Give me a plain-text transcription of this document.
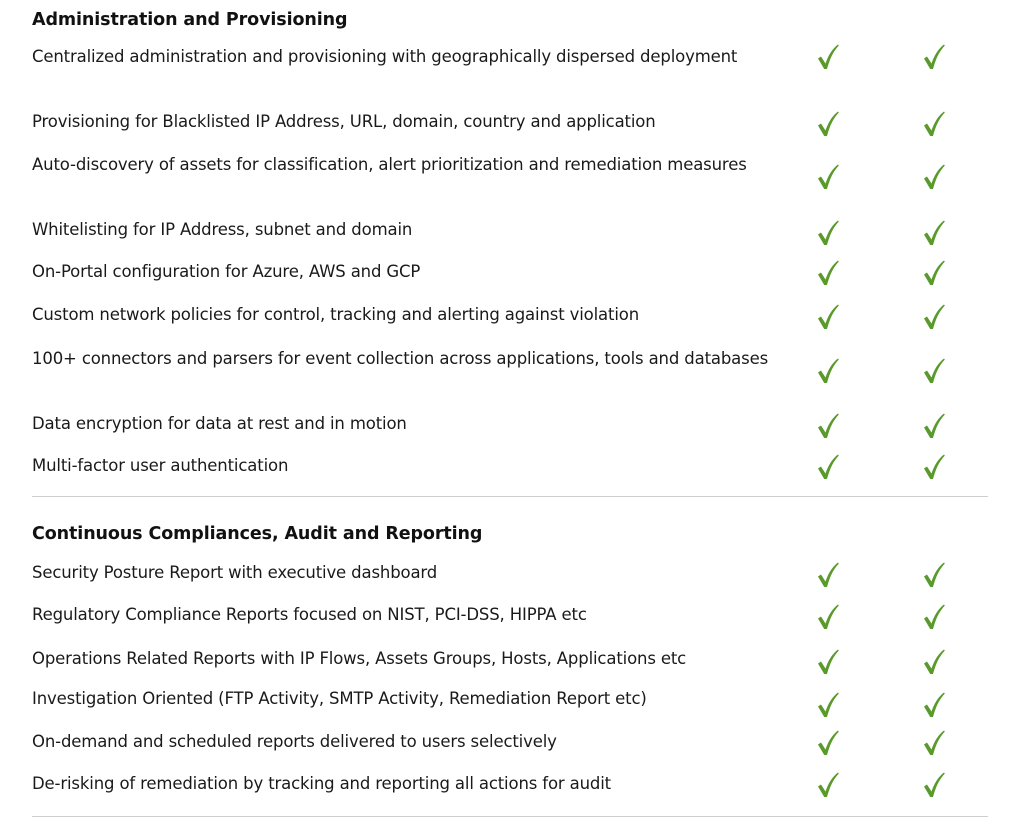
Administration and Provisioning
Centralized administration and provisioning with geographically dispersed deployment
Provisioning for Blacklisted IP Address, URL, domain, country and application
Auto-discovery of assets for classification, alert prioritization and remediation measures
Whitelisting for IP Address, subnet and domain
On-Portal configuration for Azure, AWS and GCP
Custom network policies for control, tracking and alerting against violation
100+ connectors and parsers for event collection across applications, tools and databases
Data encryption for data at rest and in motion
Multi-factor user authentication
Continuous Compliances, Audit and Reporting
Security Posture Report with executive dashboard
Regulatory Compliance Reports focused on NIST, PCI-DSS, HIPPA etc
Operations Related Reports with IP Flows, Assets Groups, Hosts, Applications etc
Investigation Oriented (FTP Activity, SMTP Activity, Remediation Report etc)
On-demand and scheduled reports delivered to users selectively
De-risking of remediation by tracking and reporting all actions for audit
